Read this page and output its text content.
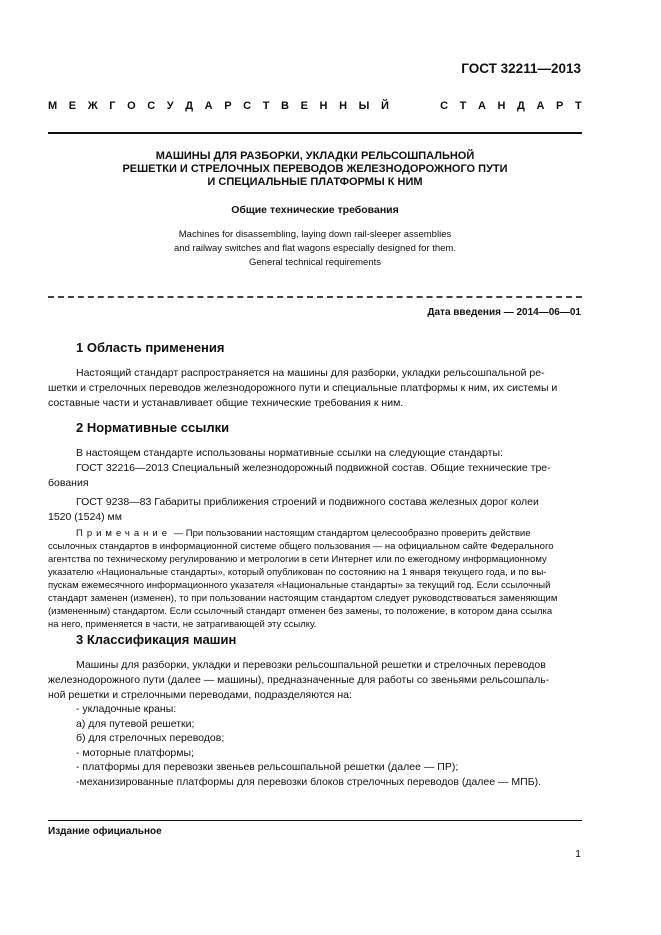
ГОСТ 32211—2013
М Е Ж Г О С У Д А Р С Т В Е Н Н Ы Й	С Т А Н Д А Р Т
МАШИНЫ ДЛЯ РАЗБОРКИ, УКЛАДКИ РЕЛЬСОШПАЛЬНОЙ
РЕШЕТКИ И СТРЕЛОЧНЫХ ПЕРЕВОДОВ ЖЕЛЕЗНОДОРОЖНОГО ПУТИ
И СПЕЦИАЛЬНЫЕ ПЛАТФОРМЫ К НИМ
Общие технические требования
Machines for disassembling, laying down rail-sleeper assemblies
and railway switches and flat wagons especially designed for them.
General technical requirements
Дата введения — 2014—06—01
1 Область применения
Настоящий стандарт распространяется на машины для разборки, укладки рельсошпальной ре-
шетки и стрелочных переводов железнодорожного пути и специальные платформы к ним, их системы и
составные части и устанавливает общие технические требования к ним.
2 Нормативные ссылки
В настоящем стандарте использованы нормативные ссылки на следующие стандарты:
ГОСТ 32216—2013 Специальный железнодорожный подвижной состав. Общие технические тре-
бования
ГОСТ 9238—83 Габариты приближения строений и подвижного состава железных дорог колеи
1520 (1524) мм
Примечание — При пользовании настоящим стандартом целесообразно проверить действие
ссылочных стандартов в информационной системе общего пользования — на официальном сайте Федерального
агентства по техническому регулированию и метрологии в сети Интернет или по ежегодному информационному
указателю «Национальные стандарты», который опубликован по состоянию на 1 января текущего года, и по вы-
пускам ежемесячного информационного указателя «Национальные стандарты» за текущий год. Если ссылочный
стандарт заменен (изменен), то при пользовании настоящим стандартом следует руководствоваться заменяющим
(измененным) стандартом. Если ссылочный стандарт отменен без замены, то положение, в котором дана ссылка
на него, применяется в части, не затрагивающей эту ссылку.
3 Классификация машин
Машины для разборки, укладки и перевозки рельсошпальной решетки и стрелочных переводов
железнодорожного пути (далее — машины), предназначенные для работы со звеньями рельсошпаль-
ной решетки и стрелочными переводами, подразделяются на:
- укладочные краны:
а) для путевой решетки;
б) для стрелочных переводов;
- моторные платформы;
- платформы для перевозки звеньев рельсошпальной решетки (далее — ПР);
-механизированные платформы для перевозки блоков стрелочных переводов (далее — МПБ).
Издание официальное
1
